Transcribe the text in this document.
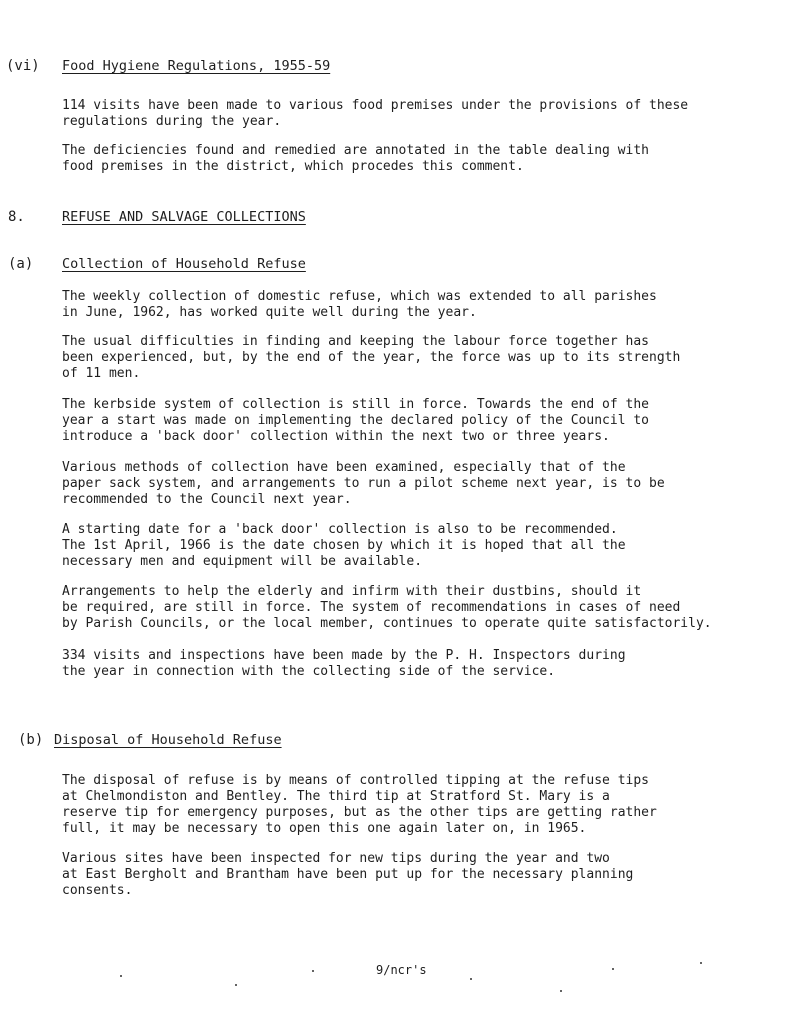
(vi) Food Hygiene Regulations, 1955-59
114 visits have been made to various food premises under the provisions of these
regulations during the year.
The deficiencies found and remedied are annotated in the table dealing with
food premises in the district, which procedes this comment.
8.	REFUSE AND SALVAGE COLLECTIONS
(a) Collection of Household Refuse
The weekly collection of domestic refuse, which was extended to all parishes
in June, 1962, has worked quite well during the year.
The usual difficulties in finding and keeping the labour force together has
been experienced, but, by the end of the year, the force was up to its strength
of 11 men.
The kerbside system of collection is still in force. Towards the end of the
year a start was made on implementing the declared policy of the Council to
introduce a 'back door' collection within the next two or three years.
Various methods of collection have been examined, especially that of the
paper sack system, and arrangements to run a pilot scheme next year, is to be
recommended to the Council next year.
A starting date for a 'back door' collection is also to be recommended.
The 1st April, 1966 is the date chosen by which it is hoped that all the
necessary men and equipment will be available.
Arrangements to help the elderly and infirm with their dustbins, should it
be required, are still in force. The system of recommendations in cases of need
by Parish Councils, or the local member, continues to operate quite satisfactorily.
334 visits and inspections have been made by the P. H. Inspectors during
the year in connection with the collecting side of the service.
(b) Disposal of Household Refuse
The disposal of refuse is by means of controlled tipping at the refuse tips
at Chelmondiston and Bentley. The third tip at Stratford St. Mary is a
reserve tip for emergency purposes, but as the other tips are getting rather
full, it may be necessary to open this one again later on, in 1965.
Various sites have been inspected for new tips during the year and two
at East Bergholt and Brantham have been put up for the necessary planning
consents.
9/ncr's
